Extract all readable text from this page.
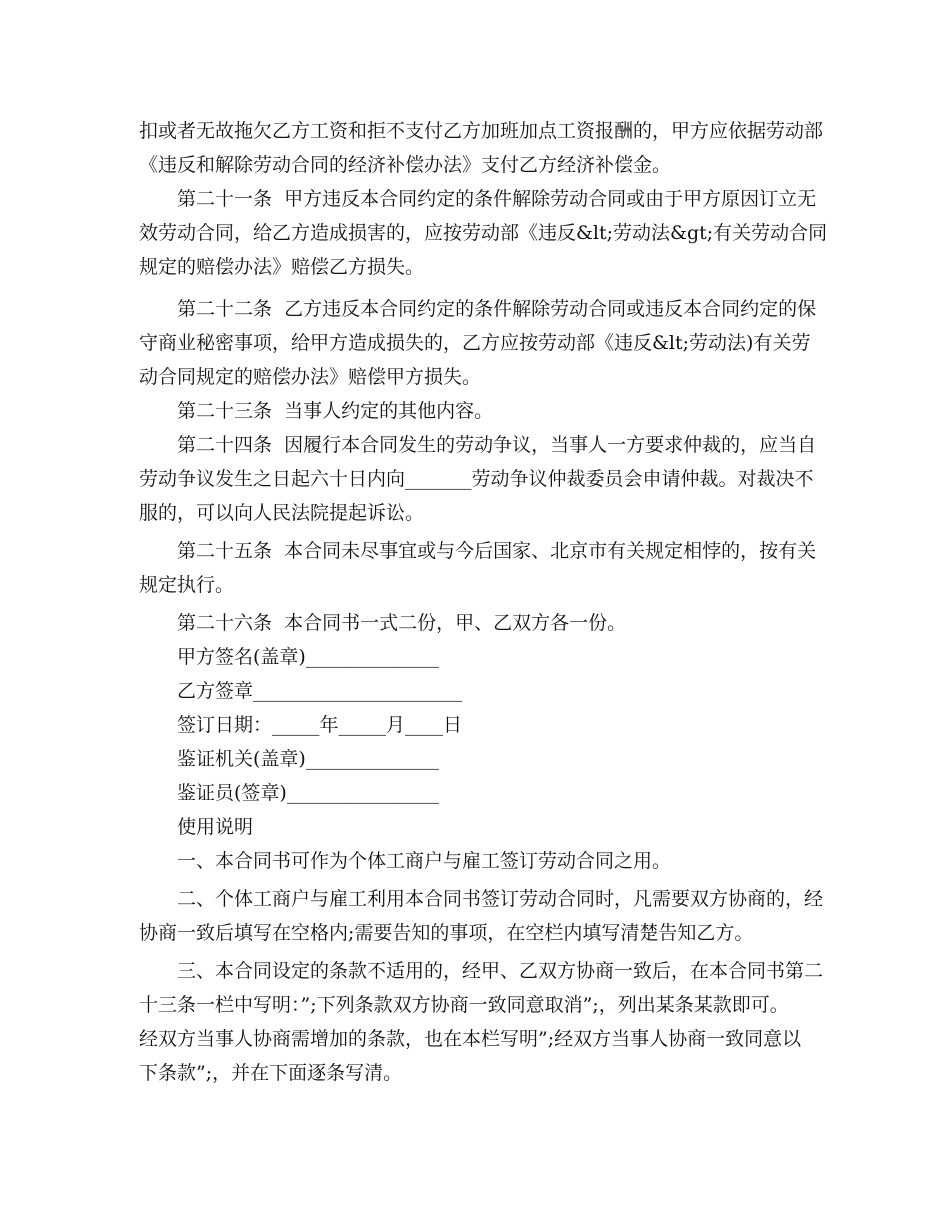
扣或者无故拖欠乙方工资和拒不支付乙方加班加点工资报酬的，甲方应依据劳动部
《违反和解除劳动合同的经济补偿办法》支付乙方经济补偿金。
第二十一条  甲方违反本合同约定的条件解除劳动合同或由于甲方原因订立无
效劳动合同，给乙方造成损害的，应按劳动部《违反&lt;劳动法&gt;有关劳动合同
规定的赔偿办法》赔偿乙方损失。
第二十二条  乙方违反本合同约定的条件解除劳动合同或违反本合同约定的保
守商业秘密事项，给甲方造成损失的，乙方应按劳动部《违反&lt;劳动法)有关劳
动合同规定的赔偿办法》赔偿甲方损失。
第二十三条  当事人约定的其他内容。
第二十四条  因履行本合同发生的劳动争议，当事人一方要求仲裁的，应当自
劳动争议发生之日起六十日内向_______劳动争议仲裁委员会申请仲裁。对裁决不
服的，可以向人民法院提起诉讼。
第二十五条  本合同未尽事宜或与今后国家、北京市有关规定相悖的，按有关
规定执行。
第二十六条  本合同书一式二份，甲、乙双方各一份。
甲方签名(盖章)______________
乙方签章______________________
签订日期：_____年_____月____日
鉴证机关(盖章)______________
鉴证员(签章)________________
使用说明
一、本合同书可作为个体工商户与雇工签订劳动合同之用。
二、个体工商户与雇工利用本合同书签订劳动合同时，凡需要双方协商的，经
协商一致后填写在空格内;需要告知的事项，在空栏内填写清楚告知乙方。
三、本合同设定的条款不适用的，经甲、乙双方协商一致后，在本合同书第二
十三条一栏中写明：”;下列条款双方协商一致同意取消”;，列出某条某款即可。
经双方当事人协商需增加的条款，也在本栏写明”;经双方当事人协商一致同意以
下条款”;，并在下面逐条写清。
